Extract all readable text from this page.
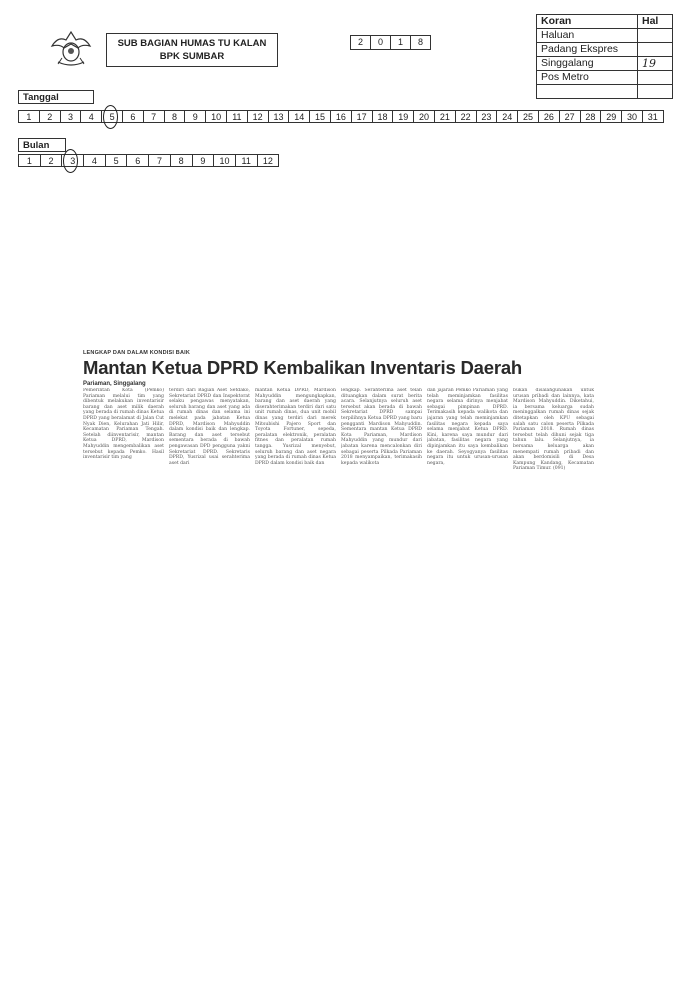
SUB BAGIAN HUMAS TU KALAN
BPK SUMBAR
2	0	1	8
Koran	Hal
Haluan	
Padang Ekspres	
Singgalang	19
Pos Metro	

Tanggal
1	2	3	4	5	6	7	8	9	10	11	12	13	14	15	16	17	18	19	20	21	22	23	24	25	26	27	28	29	30	31
Bulan
1	2	3	4	5	6	7	8	9	10	11	12
LENGKAP DAN DALAM KONDISI BAIK
Mantan Ketua DPRD Kembalikan Inventaris Daerah
Pariaman, Singgalang
Pemerintah Kota (Pemko) Pariaman melalui tim yang dibentuk melakukan inventarisir barang dan aset milik daerah yang berada di rumah dinas Ketua DPRD yang beralamat di Jalan Cut Nyak Dien, Kelurahan Jati Hilir, Kecamatan Pariaman Tengah. Setelah diinventarisir, mantan Ketua DPRD, Mardison Mahyuddin mengembalikan aset tersebut kepada Pemko. Hasil inventarisir tim yang
terdiri dari Bagian Aset Setdako, Sekretariat DPRD dan Inspektorat selaku pengawas menyatakan, seluruh barang dan aset yang ada di rumah dinas dan selama ini melekat pada jabatan Ketua DPRD, Mardison Mahyuddin dalam kondisi baik dan lengkap. Barang dan aset tersebut sementara berada di bawah pengawasan DPD pengguna yakni Sekretariat DPRD. Sekretaris DPRD, Yusrizal usai serahterima aset dari
mantan Ketua DPRD, Mardison Mahyuddin mengungkapkan, barang dan aset daerah yang diserahterimakan terdiri dari satu unit rumah dinas, dua unit mobil dinas yang terdiri dari merek Mitsubishi Pajero Sport dan Toyota Fortuner, sepeda, peralatan elektronik, peralatan fitnes dan peralatan rumah tangga. Yusrizal menyebut, seluruh barang dan aset negara yang berada di rumah dinas Ketua DPRD dalam kondisi baik dan
lengkap. Serahterima aset telah dituangkan dalam surat berita acara. Selanjutnya seluruh aset tersebut akan berada di bawah Sekretariat DPRD sampai terpilihnya Ketua DPRD yang baru pengganti Mardison Mahyuddin. Sementara mantan Ketua DPRD Kota Pariaman, Mardison Mahyuddin yang mundur dari jabatan karena mencalonkan diri sebagai peserta Pilkada Pariaman 2018 menyampaikan, terimakasih kepada walikota
dan jajaran Pemko Pariaman yang telah meminjamkan fasilitas negara selama dirinya menjabat sebagai pimpinan DPRD. Terimakasih kepada walikota dan jajaran yang telah meminjamkan fasilitas negara kepada saya selama menjabat Ketua DPRD. Kini, karena saya mundur dari jabatan, fasilitas negara yang dipinjamkan itu saya kembalikan ke daerah. Seyogyanya fasilitas negara itu untuk urusan-urusan negara,
bukan disalahgunakan untuk urusan pribadi dan lainnya, kata Mardison Mahyuddin. Diketahui, ia bersama keluarga sudah meninggalkan rumah dinas sejak ditetapkan oleh KPU sebagai salah satu calon peserta Pilkada Pariaman 2018. Rumah dinas tersebut telah dihuni sejak tiga tahun lalu. Selanjutnya, ia bersama keluarga akan menempati rumah pribadi dan akan berdomisili di Desa Kampung Kandang, Kecamatan Pariaman Timur. (091)
